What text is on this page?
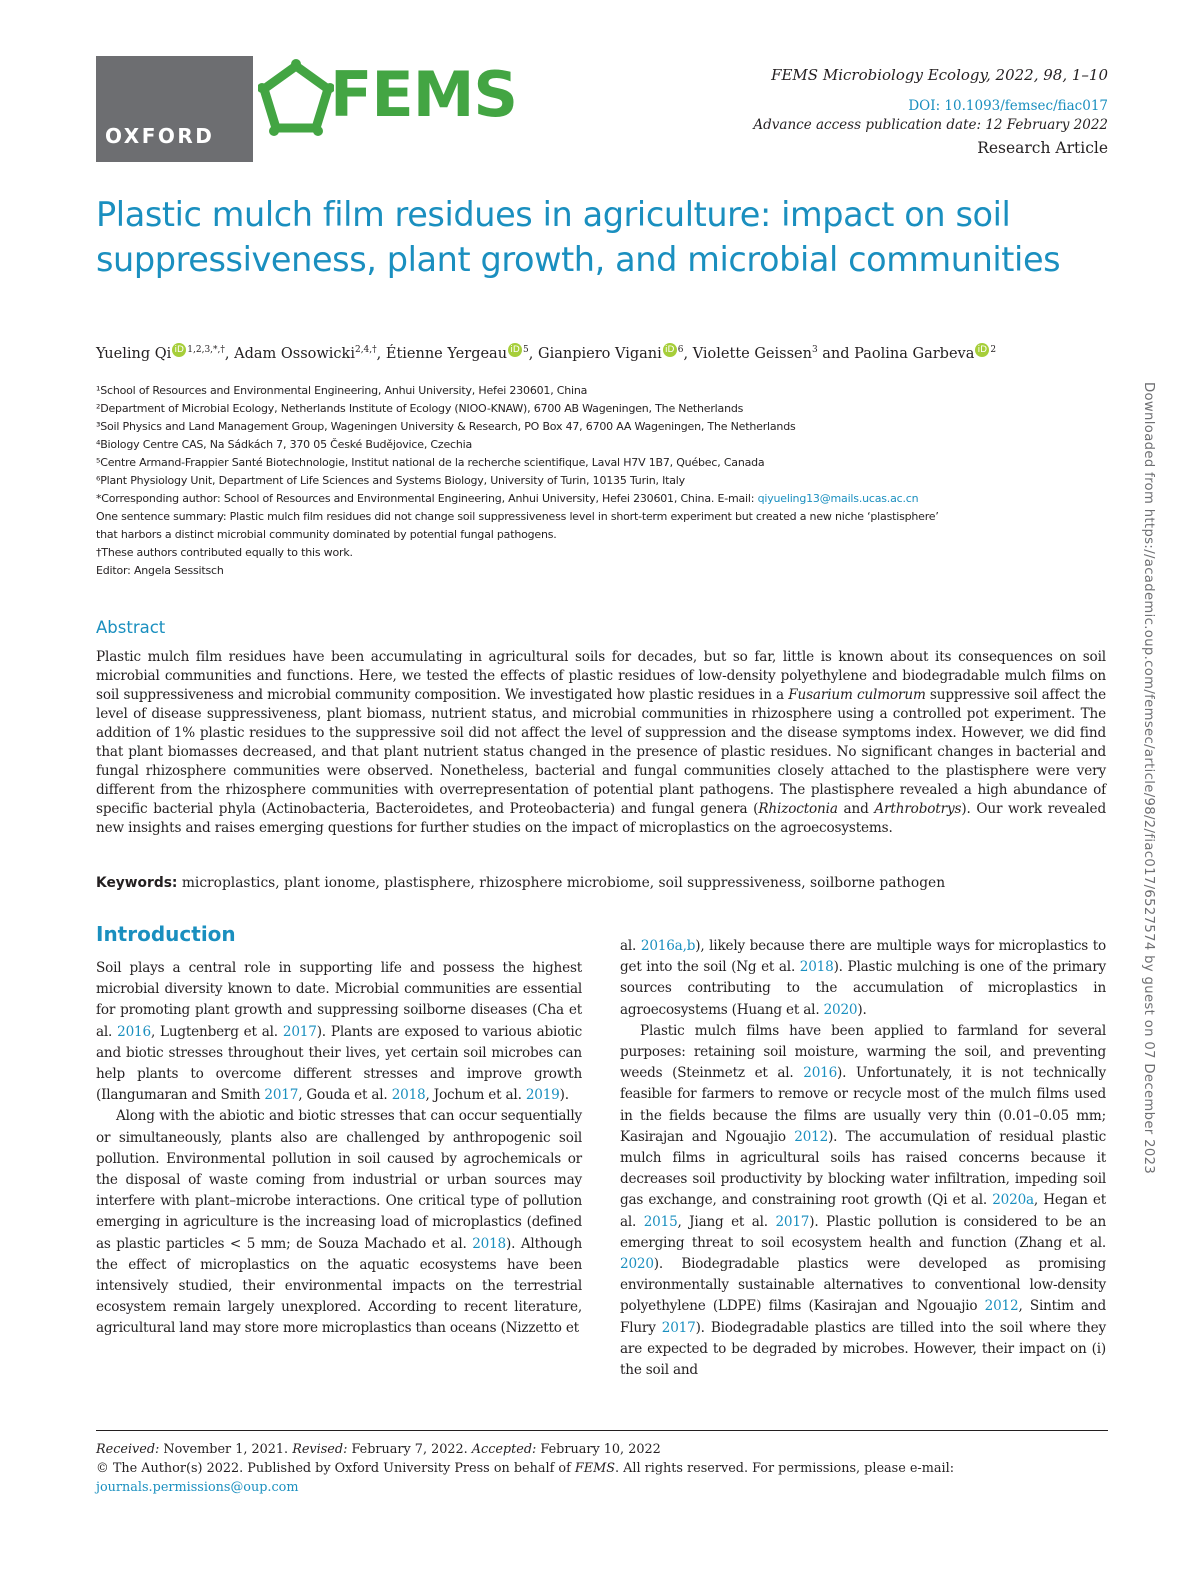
OXFORD
FEMS	FEMS Microbiology Ecology, 2022, 98, 1–10
DOI: 10.1093/femsec/fiac017
Advance access publication date: 12 February 2022
Research Article
Plastic mulch film residues in agriculture: impact on soil suppressiveness, plant growth, and microbial communities
Yueling Qi iD $^{1,2,3,*,\dagger}$, Adam Ossowicki$^{2,4,\dagger}$, Étienne Yergeau iD $^5$, Gianpiero Vigani iD $^6$, Violette Geissen$^3$ and Paolina Garbeva iD $^2$
¹School of Resources and Environmental Engineering, Anhui University, Hefei 230601, China
²Department of Microbial Ecology, Netherlands Institute of Ecology (NIOO-KNAW), 6700 AB Wageningen, The Netherlands
³Soil Physics and Land Management Group, Wageningen University & Research, PO Box 47, 6700 AA Wageningen, The Netherlands
⁴Biology Centre CAS, Na Sádkách 7, 370 05 České Budějovice, Czechia
⁵Centre Armand-Frappier Santé Biotechnologie, Institut national de la recherche scientifique, Laval H7V 1B7, Québec, Canada
⁶Plant Physiology Unit, Department of Life Sciences and Systems Biology, University of Turin, 10135 Turin, Italy
*Corresponding author: School of Resources and Environmental Engineering, Anhui University, Hefei 230601, China. E-mail: qiyueling13@mails.ucas.ac.cn
One sentence summary: Plastic mulch film residues did not change soil suppressiveness level in short-term experiment but created a new niche ‘plastisphere’
that harbors a distinct microbial community dominated by potential fungal pathogens.
†These authors contributed equally to this work.
Editor: Angela Sessitsch
Abstract

Plastic mulch film residues have been accumulating in agricultural soils for decades, but so far, little is known about its consequences on soil microbial communities and functions. Here, we tested the effects of plastic residues of low-density polyethylene and biodegradable mulch films on soil suppressiveness and microbial community composition. We investigated how plastic residues in a Fusarium culmorum suppressive soil affect the level of disease suppressiveness, plant biomass, nutrient status, and microbial communities in rhizosphere using a controlled pot experiment. The addition of 1% plastic residues to the suppressive soil did not affect the level of suppression and the disease symptoms index. However, we did find that plant biomasses decreased, and that plant nutrient status changed in the presence of plastic residues. No significant changes in bacterial and fungal rhizosphere communities were observed. Nonetheless, bacterial and fungal communities closely attached to the plastisphere were very different from the rhizosphere communities with overrepresentation of potential plant pathogens. The plastisphere revealed a high abundance of specific bacterial phyla (Actinobacteria, Bacteroidetes, and Proteobacteria) and fungal genera (Rhizoctonia and Arthrobotrys). Our work revealed new insights and raises emerging questions for further studies on the impact of microplastics on the agroecosystems.

Keywords: microplastics, plant ionome, plastisphere, rhizosphere microbiome, soil suppressiveness, soilborne pathogen
Introduction

Soil plays a central role in supporting life and possess the highest microbial diversity known to date. Microbial communities are essential for promoting plant growth and suppressing soilborne diseases (Cha et al. 2016, Lugtenberg et al. 2017). Plants are exposed to various abiotic and biotic stresses throughout their lives, yet certain soil microbes can help plants to overcome different stresses and improve growth (Ilangumaran and Smith 2017, Gouda et al. 2018, Jochum et al. 2019).

Along with the abiotic and biotic stresses that can occur sequentially or simultaneously, plants also are challenged by anthropogenic soil pollution. Environmental pollution in soil caused by agrochemicals or the disposal of waste coming from industrial or urban sources may interfere with plant–microbe interactions. One critical type of pollution emerging in agriculture is the increasing load of microplastics (defined as plastic particles < 5 mm; de Souza Machado et al. 2018). Although the effect of microplastics on the aquatic ecosystems have been intensively studied, their environmental impacts on the terrestrial ecosystem remain largely unexplored. According to recent literature, agricultural land may store more microplastics than oceans (Nizzetto et

al. 2016a,b), likely because there are multiple ways for microplastics to get into the soil (Ng et al. 2018). Plastic mulching is one of the primary sources contributing to the accumulation of microplastics in agroecosystems (Huang et al. 2020).

Plastic mulch films have been applied to farmland for several purposes: retaining soil moisture, warming the soil, and preventing weeds (Steinmetz et al. 2016). Unfortunately, it is not technically feasible for farmers to remove or recycle most of the mulch films used in the fields because the films are usually very thin (0.01–0.05 mm; Kasirajan and Ngouajio 2012). The accumulation of residual plastic mulch films in agricultural soils has raised concerns because it decreases soil productivity by blocking water infiltration, impeding soil gas exchange, and constraining root growth (Qi et al. 2020a, Hegan et al. 2015, Jiang et al. 2017). Plastic pollution is considered to be an emerging threat to soil ecosystem health and function (Zhang et al. 2020). Biodegradable plastics were developed as promising environmentally sustainable alternatives to conventional low-density polyethylene (LDPE) films (Kasirajan and Ngouajio 2012, Sintim and Flury 2017). Biodegradable plastics are tilled into the soil where they are expected to be degraded by microbes. However, their impact on (i) the soil and

Received: November 1, 2021. Revised: February 7, 2022. Accepted: February 10, 2022
© The Author(s) 2022. Published by Oxford University Press on behalf of FEMS. All rights reserved. For permissions, please e-mail:
journals.permissions@oup.com
Downloaded from https://academic.oup.com/femsec/article/98/2/fiac017/6527574 by guest on 07 December 2023
